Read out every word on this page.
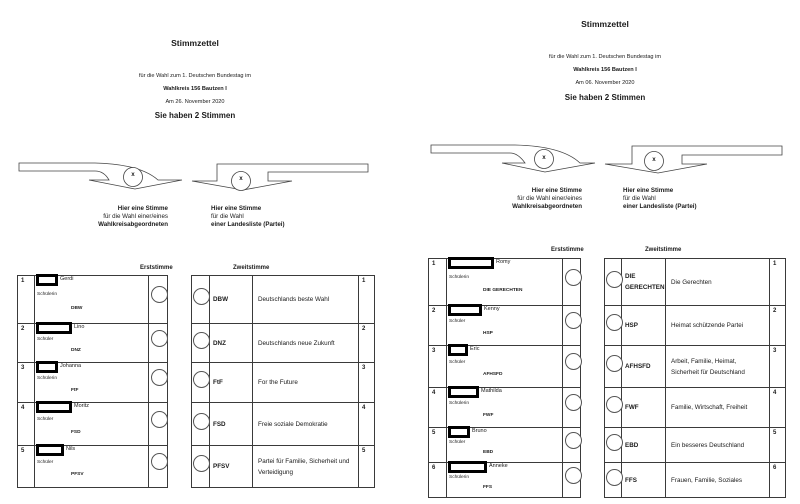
Stimmzettel
für die Wahl zum 1. Deutschen Bundestag im
Wahlkreis 156 Bautzen I
Am 26. November 2020
Sie haben 2 Stimmen
x
x
Hier eine Stimme
für die Wahl einer/eines
Wahlkreisabgeordneten
Hier eine Stimme
für die Wahl
einer Landesliste (Partei)
Erststimme	Zweitstimme
1	Gerdi
Schülerin
DBW				DBW	Deutschlands beste Wahl	1
2	Lino
Schüler
DNZ				DNZ	Deutschlands neue Zukunft	2
3	Johanna
Schülerin
FtF				FtF	For the Future	3
4	Moritz
Schüler
FSD				FSD	Freie soziale Demokratie	4
5	Nils
Schüler
PFSV				PFSV	Partei für Familie, Sicherheit und Verteidigung	5
Stimmzettel
für die Wahl zum 1. Deutschen Bundestag im
Wahlkreis 156 Bautzen I
Am 06. November 2020
Sie haben 2 Stimmen
x	x
Hier eine Stimme
für die Wahl einer/eines
Wahlkreisabgeordneten
Hier eine Stimme
für die Wahl
einer Landesliste (Partei)
Erststimme	Zweitstimme
1	Romy
Schülerin
DIE GERECHTEN				DIE GERECHTEN	Die Gerechten	1
2	Kenny
Schüler
HSP				HSP	Heimat schützende Partei	2
3	Eric
Schüler
AFHSFD				AFHSFD	Arbeit, Familie, Heimat, Sicherheit für Deutschland	3
4	Mathilda
Schülerin
FWF				FWF	Familie, Wirtschaft, Freiheit	4
5	Bruno
Schüler
EBD				EBD	Ein besseres Deutschland	5
6	Anneke
Schülerin
FFS				FFS	Frauen, Familie, Soziales	6
